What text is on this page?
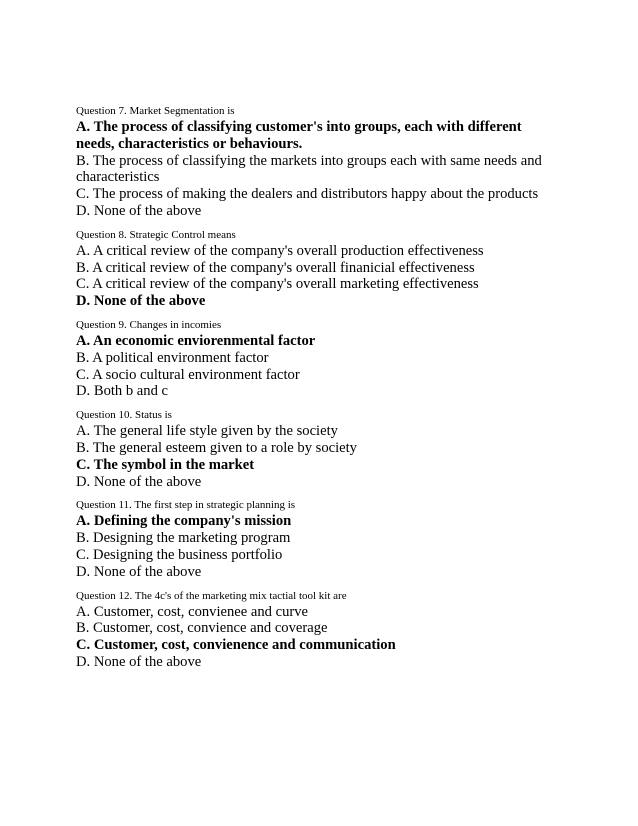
Question 7. Market Segmentation is

A. The process of classifying customer's into groups, each with different needs, characteristics or behaviours.

B. The process of classifying the markets into groups each with same needs and characteristics

C. The process of making the dealers and distributors happy about the products

D. None of the above

Question 8. Strategic Control means

A. A critical review of the company's overall production effectiveness

B. A critical review of the company's overall finanicial effectiveness

C. A critical review of the company's overall marketing effectiveness

D. None of the above

Question 9. Changes in incomies

A. An economic enviorenmental factor

B. A political environment factor

C. A socio cultural environment factor

D. Both b and c

Question 10. Status is

A. The general life style given by the society

B. The general esteem given to a role by society

C. The symbol in the market

D. None of the above

Question 11. The first step in strategic planning is

A. Defining the company's mission

B. Designing the marketing program

C. Designing the business portfolio

D. None of the above

Question 12. The 4c's of the marketing mix tactial tool kit are

A. Customer, cost, convienee and curve

B. Customer, cost, convience and coverage

C. Customer, cost, convienence and communication

D. None of the above
